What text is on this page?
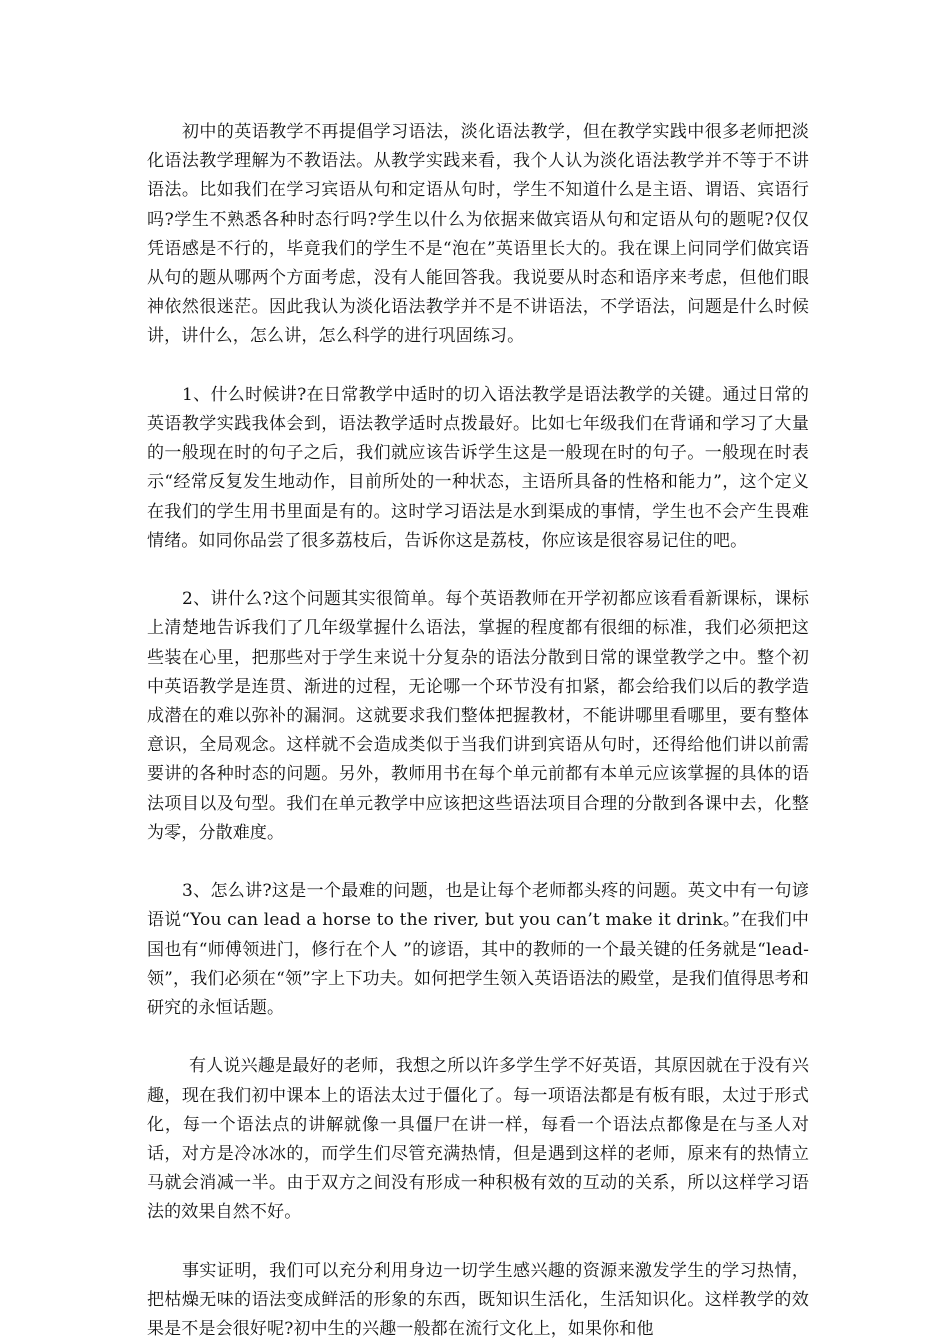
初中的英语教学不再提倡学习语法，淡化语法教学，但在教学实践中很多老师把淡化语法教学理解为不教语法。从教学实践来看，我个人认为淡化语法教学并不等于不讲语法。比如我们在学习宾语从句和定语从句时，学生不知道什么是主语、谓语、宾语行吗?学生不熟悉各种时态行吗?学生以什么为依据来做宾语从句和定语从句的题呢?仅仅凭语感是不行的，毕竟我们的学生不是“泡在”英语里长大的。我在课上问同学们做宾语从句的题从哪两个方面考虑，没有人能回答我。我说要从时态和语序来考虑，但他们眼神依然很迷茫。因此我认为淡化语法教学并不是不讲语法，不学语法，问题是什么时候讲，讲什么，怎么讲，怎么科学的进行巩固练习。

1、什么时候讲?在日常教学中适时的切入语法教学是语法教学的关键。通过日常的英语教学实践我体会到，语法教学适时点拨最好。比如七年级我们在背诵和学习了大量的一般现在时的句子之后，我们就应该告诉学生这是一般现在时的句子。一般现在时表示“经常反复发生地动作，目前所处的一种状态，主语所具备的性格和能力”，这个定义在我们的学生用书里面是有的。这时学习语法是水到渠成的事情，学生也不会产生畏难情绪。如同你品尝了很多荔枝后，告诉你这是荔枝，你应该是很容易记住的吧。

2、讲什么?这个问题其实很简单。每个英语教师在开学初都应该看看新课标，课标上清楚地告诉我们了几年级掌握什么语法，掌握的程度都有很细的标准，我们必须把这些装在心里，把那些对于学生来说十分复杂的语法分散到日常的课堂教学之中。整个初中英语教学是连贯、渐进的过程，无论哪一个环节没有扣紧，都会给我们以后的教学造成潜在的难以弥补的漏洞。这就要求我们整体把握教材，不能讲哪里看哪里，要有整体意识，全局观念。这样就不会造成类似于当我们讲到宾语从句时，还得给他们讲以前需要讲的各种时态的问题。另外，教师用书在每个单元前都有本单元应该掌握的具体的语法项目以及句型。我们在单元教学中应该把这些语法项目合理的分散到各课中去，化整为零，分散难度。

3、怎么讲?这是一个最难的问题，也是让每个老师都头疼的问题。英文中有一句谚语说“You can lead a horse to the river, but you can’t make it drink。”在我们中国也有“师傅领进门，修行在个人 ”的谚语，其中的教师的一个最关键的任务就是“lead-领”，我们必须在“领”字上下功夫。如何把学生领入英语语法的殿堂，是我们值得思考和研究的永恒话题。

有人说兴趣是最好的老师，我想之所以许多学生学不好英语，其原因就在于没有兴趣，现在我们初中课本上的语法太过于僵化了。每一项语法都是有板有眼，太过于形式化，每一个语法点的讲解就像一具僵尸在讲一样，每看一个语法点都像是在与圣人对话，对方是冷冰冰的，而学生们尽管充满热情，但是遇到这样的老师，原来有的热情立马就会消减一半。由于双方之间没有形成一种积极有效的互动的关系，所以这样学习语法的效果自然不好。

事实证明，我们可以充分利用身边一切学生感兴趣的资源来激发学生的学习热情，把枯燥无味的语法变成鲜活的形象的东西，既知识生活化，生活知识化。这样教学的效果是不是会很好呢?初中生的兴趣一般都在流行文化上，如果你和他
